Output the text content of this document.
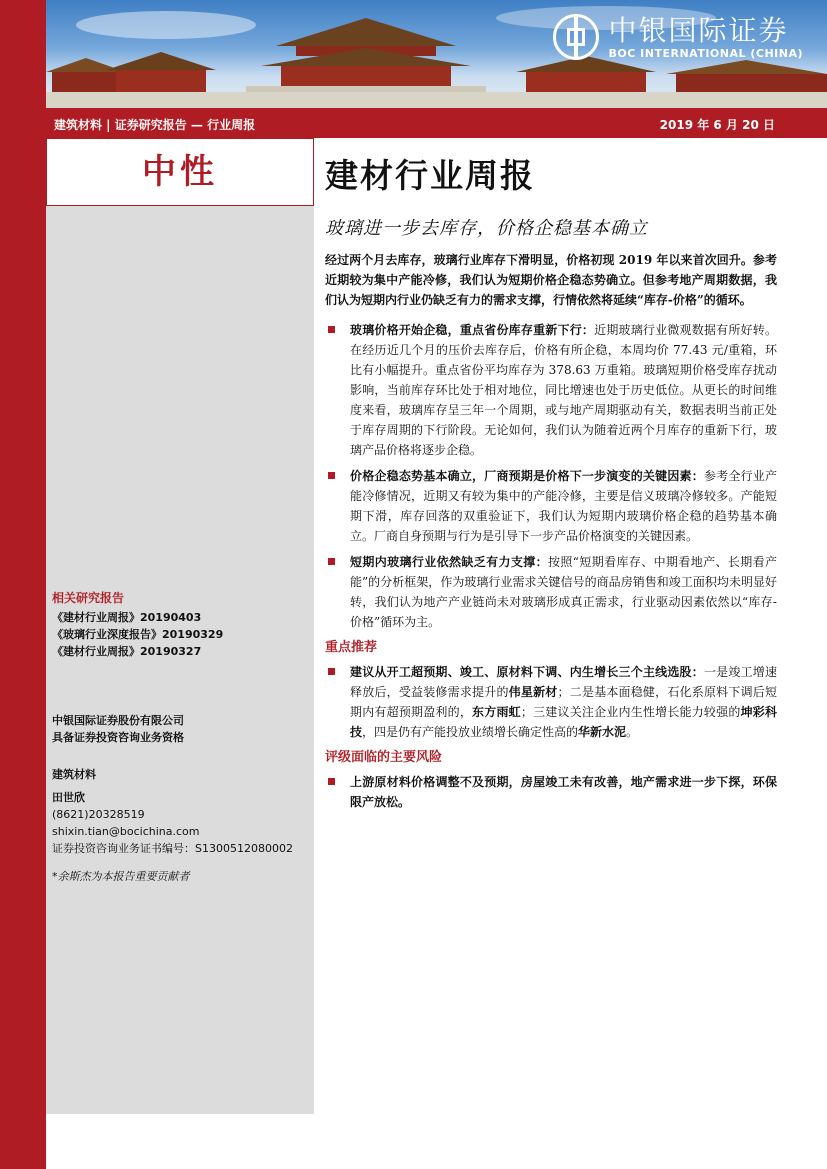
中银国际证券
BOC INTERNATIONAL (CHINA)
建筑材料 | 证券研究报告 — 行业周报	2019 年 6 月 20 日
中性
相关研究报告
《建材行业周报》20190403
《玻璃行业深度报告》20190329
《建材行业周报》20190327
中银国际证券股份有限公司
具备证券投资咨询业务资格
建筑材料
田世欣
(8621)20328519
shixin.tian@bocichina.com
证券投资咨询业务证书编号：S1300512080002
*余斯杰为本报告重要贡献者
建材行业周报
玻璃进一步去库存，价格企稳基本确立

经过两个月去库存，玻璃行业库存下滑明显，价格初现 2019 年以来首次回升。参考近期较为集中产能冷修，我们认为短期价格企稳态势确立。但参考地产周期数据，我们认为短期内行业仍缺乏有力的需求支撑，行情依然将延续“库存-价格”的循环。

玻璃价格开始企稳，重点省份库存重新下行：近期玻璃行业微观数据有所好转。在经历近几个月的压价去库存后，价格有所企稳，本周均价 77.43 元/重箱，环比有小幅提升。重点省份平均库存为 378.63 万重箱。玻璃短期价格受库存扰动影响，当前库存环比处于相对地位，同比增速也处于历史低位。从更长的时间维度来看，玻璃库存呈三年一个周期，或与地产周期驱动有关，数据表明当前正处于库存周期的下行阶段。无论如何，我们认为随着近两个月库存的重新下行，玻璃产品价格将逐步企稳。
价格企稳态势基本确立，厂商预期是价格下一步演变的关键因素：参考全行业产能冷修情况，近期又有较为集中的产能冷修，主要是信义玻璃冷修较多。产能短期下滑，库存回落的双重验证下，我们认为短期内玻璃价格企稳的趋势基本确立。厂商自身预期与行为是引导下一步产品价格演变的关键因素。
短期内玻璃行业依然缺乏有力支撑：按照“短期看库存、中期看地产、长期看产能”的分析框架，作为玻璃行业需求关键信号的商品房销售和竣工面积均未明显好转，我们认为地产产业链尚未对玻璃形成真正需求，行业驱动因素依然以“库存-价格”循环为主。
重点推荐
建议从开工超预期、竣工、原材料下调、内生增长三个主线选股：一是竣工增速释放后，受益装修需求提升的伟星新材；二是基本面稳健，石化系原料下调后短期内有超预期盈利的，东方雨虹；三建议关注企业内生性增长能力较强的坤彩科技，四是仍有产能投放业绩增长确定性高的华新水泥。
评级面临的主要风险
上游原材料价格调整不及预期，房屋竣工未有改善，地产需求进一步下探，环保限产放松。
